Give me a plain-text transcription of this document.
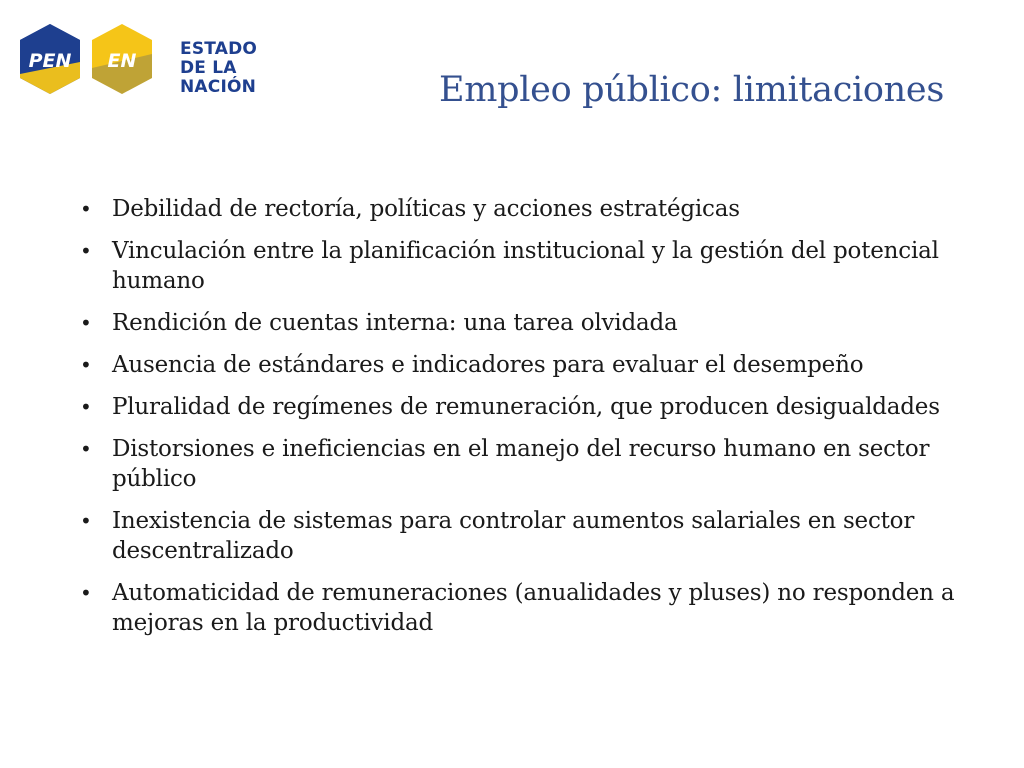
PEN EN
ESTADO
DE LA NACIÓN	Empleo público: limitaciones
• Debilidad de rectoría, políticas y acciones estratégicas
• Vinculación entre la planificación institucional y la gestión del potencial humano
• Rendición de cuentas interna: una tarea olvidada
• Ausencia de estándares e indicadores para evaluar el desempeño
• Pluralidad de regímenes de remuneración, que producen desigualdades
• Distorsiones e ineficiencias en el manejo del recurso humano en sector público
• Inexistencia de sistemas para controlar aumentos salariales en sector descentralizado
• Automaticidad de remuneraciones (anualidades y pluses) no responden a mejoras en la productividad
